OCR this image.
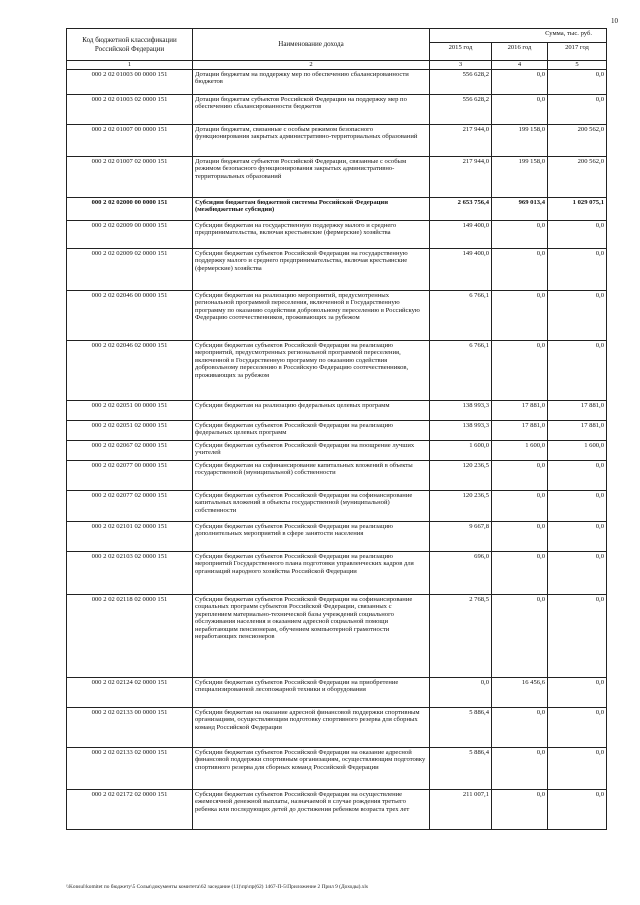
10
Код бюджетной классификации Российской Федерации	Наименование дохода	Сумма, тыс. руб.		
		2015 год	2016 год	2017 год
1	2	3	4	5
000 2 02 01003 00 0000 151	Дотации бюджетам на поддержку мер по обеспечению сбалансированности бюджетов	556 628,2	0,0	0,0
000 2 02 01003 02 0000 151	Дотации бюджетам субъектов Российской Федерации на поддержку мер по обеспечению сбалансированности бюджетов	556 628,2	0,0	0,0
000 2 02 01007 00 0000 151	Дотации бюджетам, связанные с особым режимом безопасного функционирования закрытых административно-территориальных образований	217 944,0	199 158,0	200 562,0
000 2 02 01007 02 0000 151	Дотации бюджетам субъектов Российской Федерации, связанные с особым режимом безопасного функционирования закрытых административно-территориальных образований	217 944,0	199 158,0	200 562,0
000 2 02 02000 00 0000 151	Субсидии бюджетам бюджетной системы Российской Федерации (межбюджетные субсидии)	2 653 756,4	969 013,4	1 029 075,1
000 2 02 02009 00 0000 151	Субсидии бюджетам на государственную поддержку малого и среднего предпринимательства, включая крестьянские (фермерские) хозяйства	149 400,0	0,0	0,0
000 2 02 02009 02 0000 151	Субсидии бюджетам субъектов Российской Федерации на государственную поддержку малого и среднего предпринимательства, включая крестьянские (фермерские) хозяйства	149 400,0	0,0	0,0
000 2 02 02046 00 0000 151	Субсидии бюджетам на реализацию мероприятий, предусмотренных региональной программой переселения, включенной в Государственную программу по оказанию содействия добровольному переселению в Российскую Федерацию соотечественников, проживающих за рубежом	6 766,1	0,0	0,0
000 2 02 02046 02 0000 151	Субсидии бюджетам субъектов Российской Федерации на реализацию мероприятий, предусмотренных региональной программой переселения, включенной в Государственную программу по оказанию содействия добровольному переселению в Российскую Федерацию соотечественников, проживающих за рубежом	6 766,1	0,0	0,0
000 2 02 02051 00 0000 151	Субсидии бюджетам на реализацию федеральных целевых программ	138 993,3	17 881,0	17 881,0
000 2 02 02051 02 0000 151	Субсидии бюджетам субъектов Российской Федерации на реализацию федеральных целевых программ	138 993,3	17 881,0	17 881,0
000 2 02 02067 02 0000 151	Субсидии бюджетам субъектов Российской Федерации на поощрение лучших учителей	1 600,0	1 600,0	1 600,0
000 2 02 02077 00 0000 151	Субсидии бюджетам на софинансирование капитальных вложений в объекты государственной (муниципальной) собственности	120 236,5	0,0	0,0
000 2 02 02077 02 0000 151	Субсидии бюджетам субъектов Российской Федерации на софинансирование капитальных вложений в объекты государственной (муниципальной) собственности	120 236,5	0,0	0,0
000 2 02 02101 02 0000 151	Субсидии бюджетам субъектов Российской Федерации на реализацию дополнительных мероприятий в сфере занятости населения	9 667,8	0,0	0,0
000 2 02 02103 02 0000 151	Субсидии бюджетам субъектов Российской Федерации на реализацию мероприятий Государственного плана подготовки управленческих кадров для организаций народного хозяйства Российской Федерации	696,0	0,0	0,0
000 2 02 02118 02 0000 151	Субсидии бюджетам субъектов Российской Федерации на софинансирование социальных программ субъектов Российской Федерации, связанных с укреплением материально-технической базы учреждений социального обслуживания населения и оказанием адресной социальной помощи неработающим пенсионерам, обучением компьютерной грамотности неработающих пенсионеров	2 768,5	0,0	0,0
000 2 02 02124 02 0000 151	Субсидии бюджетам субъектов Российской Федерации на приобретение специализированной лесопожарной техники и оборудования	0,0	16 456,6	0,0
000 2 02 02133 00 0000 151	Субсидии бюджетам на оказание адресной финансовой поддержки спортивным организациям, осуществляющим подготовку спортивного резерва для сборных команд Российской Федерации	5 886,4	0,0	0,0
000 2 02 02133 02 0000 151	Субсидии бюджетам субъектов Российской Федерации на оказание адресной финансовой поддержки спортивным организациям, осуществляющим подготовку спортивного резерва для сборных команд Российской Федерации	5 886,4	0,0	0,0
000 2 02 02172 02 0000 151	Субсидии бюджетам субъектов Российской Федерации на осуществление ежемесячной денежной выплаты, назначаемой в случае рождения третьего ребенка или последующих детей до достижения ребенком возраста трех лет	211 007,1	0,0	0,0
\\Konsul\komitet по бюджету\5 Солья\документы комитета\62 заседание (11)\пр\пр(62) 1467-П-5\Приложение 2 Прил 9 (Доходы).xls
